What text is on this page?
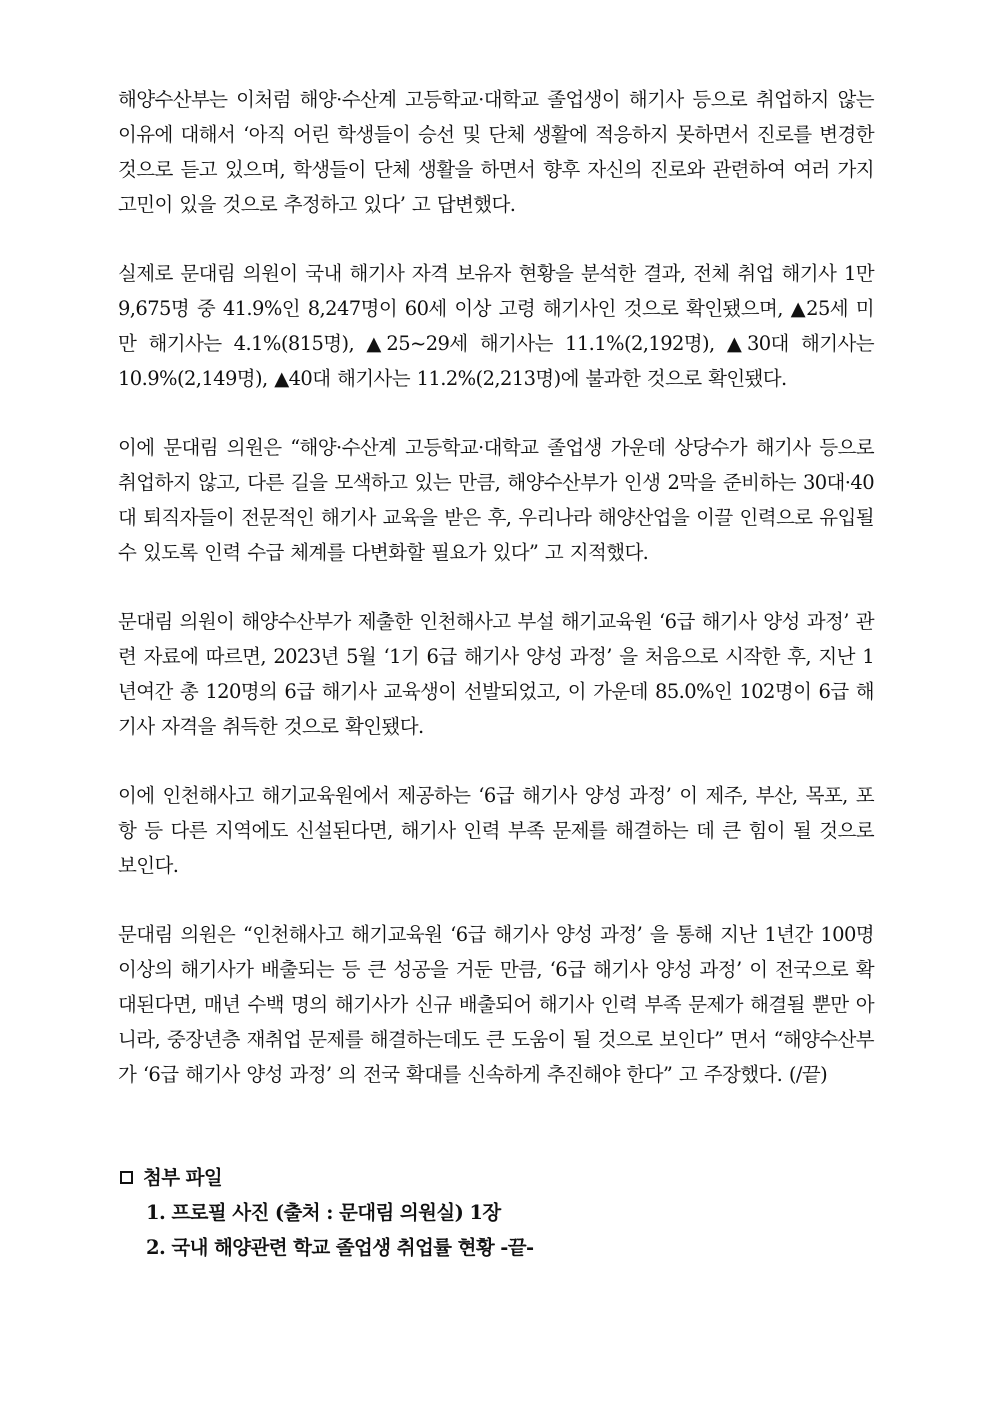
해양수산부는 이처럼 해양·수산계 고등학교·대학교 졸업생이 해기사 등으로 취업하지 않는 이유에 대해서 ‘아직 어린 학생들이 승선 및 단체 생활에 적응하지 못하면서 진로를 변경한 것으로 듣고 있으며, 학생들이 단체 생활을 하면서 향후 자신의 진로와 관련하여 여러 가지 고민이 있을 것으로 추정하고 있다’ 고 답변했다.

실제로 문대림 의원이 국내 해기사 자격 보유자 현황을 분석한 결과, 전체 취업 해기사 1만 9,675명 중 41.9%인 8,247명이 60세 이상 고령 해기사인 것으로 확인됐으며, ▲25세 미만 해기사는 4.1%(815명), ▲25~29세 해기사는 11.1%(2,192명), ▲30대 해기사는 10.9%(2,149명), ▲40대 해기사는 11.2%(2,213명)에 불과한 것으로 확인됐다.

이에 문대림 의원은 “해양·수산계 고등학교·대학교 졸업생 가운데 상당수가 해기사 등으로 취업하지 않고, 다른 길을 모색하고 있는 만큼, 해양수산부가 인생 2막을 준비하는 30대·40대 퇴직자들이 전문적인 해기사 교육을 받은 후, 우리나라 해양산업을 이끌 인력으로 유입될 수 있도록 인력 수급 체계를 다변화할 필요가 있다” 고 지적했다.

문대림 의원이 해양수산부가 제출한 인천해사고 부설 해기교육원 ‘6급 해기사 양성 과정’ 관련 자료에 따르면, 2023년 5월 ‘1기 6급 해기사 양성 과정’ 을 처음으로 시작한 후, 지난 1년여간 총 120명의 6급 해기사 교육생이 선발되었고, 이 가운데 85.0%인 102명이 6급 해기사 자격을 취득한 것으로 확인됐다.

이에 인천해사고 해기교육원에서 제공하는 ‘6급 해기사 양성 과정’ 이 제주, 부산, 목포, 포항 등 다른 지역에도 신설된다면, 해기사 인력 부족 문제를 해결하는 데 큰 힘이 될 것으로 보인다.

문대림 의원은 “인천해사고 해기교육원 ‘6급 해기사 양성 과정’ 을 통해 지난 1년간 100명 이상의 해기사가 배출되는 등 큰 성공을 거둔 만큼, ‘6급 해기사 양성 과정’ 이 전국으로 확대된다면, 매년 수백 명의 해기사가 신규 배출되어 해기사 인력 부족 문제가 해결될 뿐만 아니라, 중장년층 재취업 문제를 해결하는데도 큰 도움이 될 것으로 보인다” 면서 “해양수산부가 ‘6급 해기사 양성 과정’ 의 전국 확대를 신속하게 추진해야 한다” 고 주장했다. (/끝)

첨부 파일
1. 프로필 사진 (출처 : 문대림 의원실) 1장
2. 국내 해양관련 학교 졸업생 취업률 현황 -끝-
